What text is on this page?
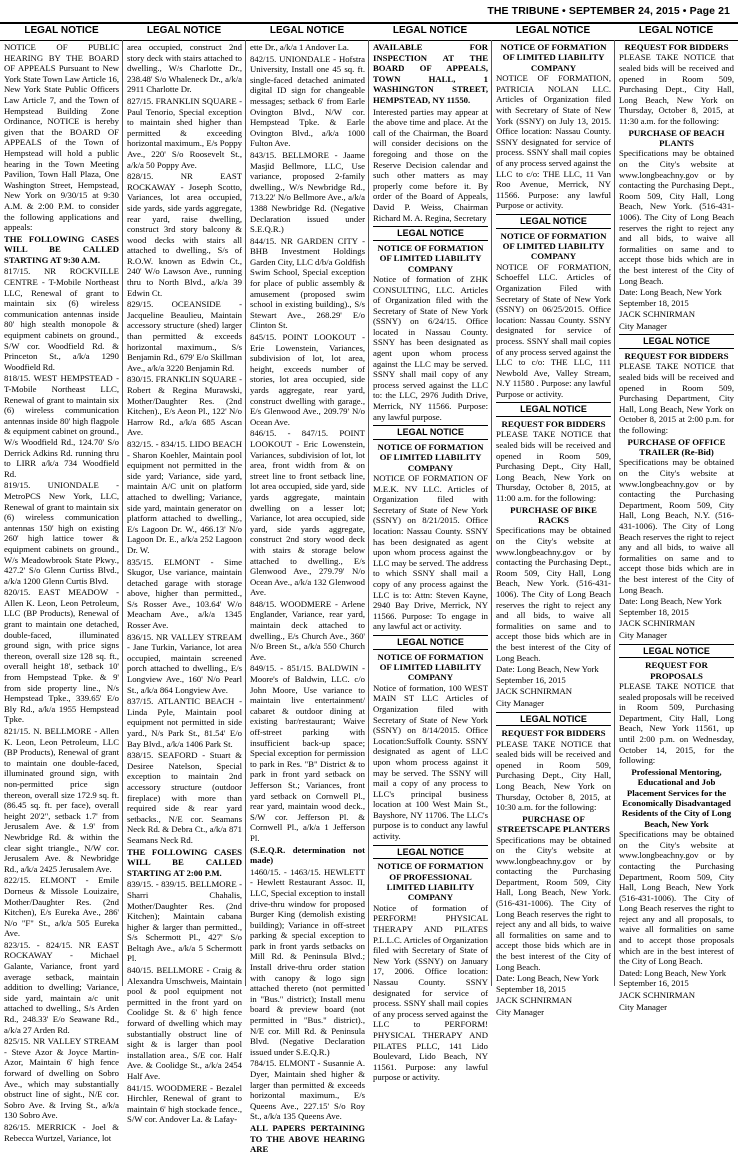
THE TRIBUNE • SEPTEMBER 24, 2015 • Page 21
LEGAL NOTICE	LEGAL NOTICE	LEGAL NOTICE	LEGAL NOTICE	LEGAL NOTICE	LEGAL NOTICE

NOTICE OF PUBLIC HEARING BY THE BOARD OF APPEALS Pursuant to New York State Town Law Article 16, New York State Public Officers Law Article 7, and the Town of Hempstead Building Zone Ordinance, NOTICE is hereby given that the BOARD OF APPEALS of the Town of Hempstead will hold a public hearing in the Town Meeting Pavilion, Town Hall Plaza, One Washington Street, Hempstead, New York on 9/30/15 at 9:30 A.M. & 2:00 P.M. to consider the following applications and appeals:

THE FOLLOWING CASES WILL BE CALLED STARTING AT 9:30 A.M.

817/15. NR ROCKVILLE CENTRE - T-Mobile Northeast LLC, Renewal of grant to maintain six (6) wireless communication antennas inside 80' high stealth monopole & equipment cabinets on ground., S/W cor. Woodfield Rd. & Princeton St., a/k/a 1290 Woodfield Rd.

818/15. WEST HEMPSTEAD - T-Mobile Northeast LLC, Renewal of grant to maintain six (6) wireless communication antennas inside 80' high flagpole & equipment cabinet on ground., W/s Woodfield Rd., 124.70' S/o Derrick Adkins Rd. running thru to LIRR a/k/a 734 Woodfield Rd.

819/15. UNIONDALE - MetroPCS New York, LLC, Renewal of grant to maintain six (6) wireless communication antennas 150' high on existing 260' high lattice tower & equipment cabinets on ground., W/s Meadowbrook State Pkwy., 427.2' S/o Glenn Curtiss Blvd., a/k/a 1200 Glenn Curtis Blvd.

820/15. EAST MEADOW - Allen K. Leon, Leon Petroleum, LLC (BP Products), Renewal of grant to maintain one detached, double-faced, illuminated ground sign, with price signs thereon, overall size 128 sq. ft., overall height 18', setback 10' from Hempstead Tpke. & 9' from side property line., N/s Hempstead Tpke., 339.65' E/o Bly Rd., a/k/a 1955 Hempstead Tpke.

821/15. N. BELLMORE - Allen K. Leon, Leon Petroleum, LLC (BP Products), Renewal of grant to maintain one double-faced, illuminated ground sign, with non-permitted price sign thereon, overall size 172.9 sq. ft. (86.45 sq. ft. per face), overall height 20'2", setback 1.7' from Jerusalem Ave. & 1.9' from Newbridge Rd. & within the clear sight triangle., N/W cor. Jerusalem Ave. & Newbridge Rd., a/k/a 2425 Jerusalem Ave.

822/15. ELMONT - Emile Dorneus & Missole Louizaire, Mother/Daughter Res. (2nd Kitchen), E/s Eureka Ave., 286' N/o "F" St., a/k/a 505 Eureka Ave.

823/15. - 824/15. NR EAST ROCKAWAY - Michael Galante, Variance, front yard average setback, maintain addition to dwelling; Variance, side yard, maintain a/c unit attached to dwelling., S/s Arden Rd., 248.33' E/o Seawane Rd., a/k/a 27 Arden Rd.

825/15. NR VALLEY STREAM - Steve Azor & Joyce Martin-Azor, Maintain 6' high fence forward of dwelling on Sobro Ave., which may substantially obstruct line of sight., N/E cor. Sobro Ave. & Irving St., a/k/a 130 Sobro Ave.

826/15. MERRICK - Joel & Rebecca Wurtzel, Variance, lot

area occupied, construct 2nd story deck with stairs attached to dwelling., W/s Charlotte Dr., 238.48' S/o Whaleneck Dr., a/k/a 2911 Charlotte Dr.

827/15. FRANKLIN SQUARE - Paul Tenorio, Special exception to maintain shed higher than permitted & exceeding horizontal maximum., E/s Poppy Ave., 220' S/o Roosevelt St., a/k/a 50 Poppy Ave.

828/15. NR EAST ROCKAWAY - Joseph Scotto, Variances, lot area occupied, side yards, side yards aggregate, rear yard, raise dwelling, construct 3rd story balcony & wood decks with stairs all attached to dwelling., S/s of R.O.W. known as Edwin Ct., 240' W/o Lawson Ave., running thru to North Blvd., a/k/a 39 Edwin Ct.

829/15. OCEANSIDE - Jacqueline Beaulieu, Maintain accessory structure (shed) larger than permitted & exceeds horizontal maximum., S/s Benjamin Rd., 679' E/o Skillman Ave., a/k/a 3220 Benjamin Rd.

830/15. FRANKLIN SQUARE - Robert & Regina Murawski, Mother/Daughter Res. (2nd Kitchen)., E/s Aeon Pl., 122' N/o Harrow Rd., a/k/a 685 Ascan Ave.

832/15. - 834/15. LIDO BEACH - Sharon Koehler, Maintain pool equipment not permitted in the side yard; Variance, side yard, maintain A/C unit on platform attached to dwelling; Variance, side yard, maintain generator on platform attached to dwelling., E/s Lagoon Dr. W., 466.13' N/o Lagoon Dr. E., a/k/a 252 Lagoon Dr. W.

835/15. ELMONT - Sime Skugor, Use variance, maintain detached garage with storage above, higher than permitted., S/s Rosser Ave., 103.64' W/o Meacham Ave., a/k/a 1345 Rosser Ave.

836/15. NR VALLEY STREAM - Jane Turkin, Variance, lot area occupied, maintain screened porch attached to dwelling., E/s Longview Ave., 160' N/o Pearl St., a/k/a 864 Longview Ave.

837/15. ATLANTIC BEACH - Linda Pyle, Maintain pool equipment not permitted in side yard., N/s Park St., 81.54' E/o Bay Blvd., a/k/a 1406 Park St.

838/15. SEAFORD - Stuart & Desiree Natelson, Special exception to maintain 2nd accessory structure (outdoor fireplace) with more than required side & rear yard setbacks., N/E cor. Seamans Neck Rd. & Debra Ct., a/k/a 871 Seamans Neck Rd.

THE FOLLOWING CASES WILL BE CALLED STARTING AT 2:00 P.M.

839/15. - 839/15. BELLMORE - Sharri Chahalis, Mother/Daughter Res. (2nd Kitchen); Maintain cabana higher & larger than permitted., S/s Schermott Pl., 427' S/o Beltagh Ave., a/k/a 5 Schermott Pl.

840/15. BELLMORE - Craig & Alexandra Umschweis, Maintain pool & pool equipment not permitted in the front yard on Coolidge St. & 6' high fence forward of dwelling which may substantially obstruct line of sight & is larger than pool installation area., S/E cor. Half Ave. & Coolidge St., a/k/a 2454 Half Ave.

841/15. WOODMERE - Bezalel Hirchler, Renewal of grant to maintain 6' high stockade fence., S/W cor. Andover La. & Lafay-

ette Dr., a/k/a 1 Andover La.

842/15. UNIONDALE - Hofstra University, Install one 45 sq. ft. single-faced detached animated digital ID sign for changeable messages; setback 6' from Earle Ovington Blvd., N/W cor. Hempstead Tpke. & Earle Ovington Blvd., a/k/a 1000 Fulton Ave.

843/15. BELLMORE - Jaame Masjid Bellmore, LLC, Use variance, proposed 2-family dwelling., W/s Newbridge Rd., 713.22' N/o Bellmore Ave., a/k/a 1388 Newbridge Rd. (Negative Declaration issued under S.E.Q.R.)

844/15. NR GARDEN CITY - BHB Investment Holdings Garden City, LLC d/b/a Goldfish Swim School, Special exception for place of public assembly & amusement (proposed swim school in existing building)., S/s Stewart Ave., 268.29' E/o Clinton St.

845/15. POINT LOOKOUT - Erie Lowenstein, Variances, subdivision of lot, lot area, height, exceeds number of stories, lot area occupied, side yards aggregate, rear yard, construct dwelling with garage., E/s Glenwood Ave., 209.79' N/o Ocean Ave.

846/15. - 847/15. POINT LOOKOUT - Eric Lowenstein, Variances, subdivision of lot, lot area, front width from & on street line to front setback line, lot area occupied, side yard, side yards aggregate, maintain dwelling on a lesser lot; Variance, lot area occupied, side yard, side yards aggregate, construct 2nd story wood deck with stairs & storage below attached to dwelling., E/s Glenwood Ave., 279.79' N/o Ocean Ave., a/k/a 132 Glenwood Ave.

848/15. WOODMERE - Arlene Englander, Variance, rear yard, maintain deck attached to dwelling., E/s Church Ave., 360' N/o Breen St., a/k/a 550 Church Ave.

849/15. - 851/15. BALDWIN - Moore's of Baldwin, LLC. c/o John Moore, Use variance to maintain live entertainment/ cabaret & outdoor dining at existing bar/restaurant; Waive off-street parking with insufficient back-up space; Special exception for permission to park in Res. "B" District & to park in front yard setback on Jefferson St.; Variances, front yard setback on Cornwell Pl., rear yard, maintain wood deck., S/W cor. Jefferson Pl. & Cornwell Pl., a/k/a 1 Jefferson Pl.

(S.E.Q.R. determination not made)

1460/15. - 1463/15. HEWLETT - Hewlett Restaurant Assoc. II, LLC, Special exception to install drive-thru window for proposed Burger King (demolish existing building); Variance in off-street parking & special exception to park in front yards setbacks on Mill Rd. & Peninsula Blvd.; Install drive-thru order station with canopy & logo sign attached thereto (not permitted in "Bus." district); Install menu board & preview board (not permitted in "Bus." district)., N/E cor. Mill Rd. & Peninsula Blvd. (Negative Declaration issued under S.E.Q.R.)

784/15. ELMONT - Susannie A. Dyer, Maintain shed higher & larger than permitted & exceeds horizontal maximum., E/s Queens Ave., 227.15' S/o Roy St., a/k/a 135 Queens Ave.

ALL PAPERS PERTAINING TO THE ABOVE HEARING ARE

AVAILABLE FOR INSPECTION AT THE BOARD OF APPEALS, TOWN HALL, 1 WASHINGTON STREET, HEMPSTEAD, NY 11550.

Interested parties may appear at the above time and place. At the call of the Chairman, the Board will consider decisions on the foregoing and those on the Reserve Decision calendar and such other matters as may properly come before it. By order of the Board of Appeals, David P. Weiss, Chairman Richard M. A. Regina, Secretary

LEGAL NOTICE
NOTICE OF FORMATION OF LIMITED LIABILITY COMPANY

Notice of formation of ZHK CONSULTING, LLC. Articles of Organization filed with the Secretary of State of New York (SSNY) on 6/24/15. Office located in Nassau County. SSNY has been designated as agent upon whom process against the LLC may be served. SSNY shall mail copy of any process served against the LLC to: the LLC, 2976 Judith Drive, Merrick, NY 11566. Purpose: any lawful purpose.

LEGAL NOTICE
NOTICE OF FORMATION OF LIMITED LIABILITY COMPANY

NOTICE OF FORMATION OF M.E.K. NV LLC. Articles of Organization filed with Secretary of State of New York (SSNY) on 8/21/2015. Office location: Nassau County. SSNY has been designated as agent upon whom process against the LLC may be served. The address to which SSNY shall mail a copy of any process against the LLC is to: Attn: Steven Kayne, 2940 Bay Drive, Merrick, NY 11566. Purpose: To engage in any lawful act or activity.

LEGAL NOTICE
NOTICE OF FORMATION OF LIMITED LIABILITY COMPANY

Notice of formation, 100 WEST MAIN ST LLC Articles of Organization filed with Secretary of State of New York (SSNY) on 8/14/2015. Office Location:Suffolk County. SSNY designated as agent of LLC upon whom process against it may be served. The SSNY will mail a copy of any process to LLC's principal business location at 100 West Main St., Bayshore, NY 11706. The LLC's purpose is to conduct any lawful activity.

LEGAL NOTICE
NOTICE OF FORMATION OF PROFESSIONAL LIMITED LIABILITY COMPANY

Notice of formation of PERFORM! PHYSICAL THERAPY AND PILATES P.L.L.C. Articles of Organization filed with Secretary of State of New York (SSNY) on January 17, 2006. Office location: Nassau County. SSNY designated for service of process. SSNY shall mail copies of any process served against the LLC to PERFORM! PHYSICAL THERAPY AND PILATES PLLC, 141 Lido Boulevard, Lido Beach, NY 11561. Purpose: any lawful purpose or activity.

NOTICE OF FORMATION OF LIMITED LIABILITY COMPANY

NOTICE OF FORMATION, PATRICIA NOLAN LLC. Articles of Organization filed with Secretary of State of New York (SSNY) on July 13, 2015. Office location: Nassau County. SSNY designated for service of process. SSNY shall mail copies of any process served against the LLC to c/o: THE LLC, 11 Van Roo Avenue, Merrick, NY 11566. Purpose: any lawful Purpose or activity.

LEGAL NOTICE
NOTICE OF FORMATION OF LIMITED LIABILITY COMPANY

NOTICE OF FORMATION, Schoeffel LLC. Articles of Organization Filed with Secretary of State of New York (SSNY) on 06/25/2015. Office location: Nassau County. SSNY designated for service of process. SSNY shall mail copies of any process served against the LLC to c/o: THE LLC, 111 Newbold Ave, Valley Stream, N.Y 11580 . Purpose: any lawful Purpose or activity.

LEGAL NOTICE
REQUEST FOR BIDDERS

PLEASE TAKE NOTICE that sealed bids will be received and opened in Room 509, Purchasing Dept., City Hall, Long Beach, New York on Thursday, October 8, 2015, at 11:00 a.m. for the following:

PURCHASE OF BIKE RACKS

Specifications may be obtained on the City's website at www.longbeachny.gov or by contacting the Purchasing Dept., Room 509, City Hall, Long Beach, New York. (516-431-1006). The City of Long Beach reserves the right to reject any and all bids, to waive all formalities on same and to accept those bids which are in the best interest of the City of Long Beach.

Date: Long Beach, New York September 16, 2015

JACK SCHNIRMAN

City Manager

LEGAL NOTICE
REQUEST FOR BIDDERS

PLEASE TAKE NOTICE that sealed bids will be received and opened in Room 509, Purchasing Dept., City Hall, Long Beach, New York on Thursday, October 8, 2015, at 10:30 a.m. for the following:

PURCHASE OF STREETSCAPE PLANTERS

Specifications may be obtained on the City's website at www.longbeachny.gov or by contacting the Purchasing Department, Room 509, City Hall, Long Beach, New York. (516-431-1006). The City of Long Beach reserves the right to reject any and all bids, to waive all formalities on same and to accept those bids which are in the best interest of the City of Long Beach.

Date: Long Beach, New York September 18, 2015

JACK SCHNIRMAN

City Manager

REQUEST FOR BIDDERS

PLEASE TAKE NOTICE that sealed bids will be received and opened in Room 509, Purchasing Dept., City Hall, Long Beach, New York on Thursday, October 8, 2015, at 11:30 a.m. for the following:

PURCHASE OF BEACH PLANTS

Specifications may be obtained on the City's website at www.longbeachny.gov or by contacting the Purchasing Dept., Room 509, City Hall, Long Beach, New York. (516-431-1006). The City of Long Beach reserves the right to reject any and all bids, to waive all formalities on same and to accept those bids which are in the best interest of the City of Long Beach.

Date: Long Beach, New York September 18, 2015

JACK SCHNIRMAN

City Manager

LEGAL NOTICE
REQUEST FOR BIDDERS

PLEASE TAKE NOTICE that sealed bids will be received and opened in Room 509, Purchasing Department, City Hall, Long Beach, New York on October 8, 2015 at 2:00 p.m. for the following:

PURCHASE OF OFFICE TRAILER (Re-Bid)

Specifications may be obtained on the City's website at www.longbeachny.gov or by contacting the Purchasing Department, Room 509, City Hall, Long Beach, N.Y. (516-431-1006). The City of Long Beach reserves the right to reject any and all bids, to waive all formalities on same and to accept those bids which are in the best interest of the City of Long Beach.

Date: Long Beach, New York September 18, 2015

JACK SCHNIRMAN

City Manager

LEGAL NOTICE
REQUEST FOR PROPOSALS

PLEASE TAKE NOTICE that sealed proposals will be received in Room 509, Purchasing Department, City Hall, Long Beach, New York 11561, up until 2:00 p.m. on Wednesday, October 14, 2015, for the following:

Professional Mentoring, Educational and Job Placement Services for the Economically Disadvantaged Residents of the City of Long Beach, New York

Specifications may be obtained on the City's website at www.longbeachny.gov or by contacting the Purchasing Department, Room 509, City Hall, Long Beach, New York (516-431-1006). The City of Long Beach reserves the right to reject any and all proposals, to waive all formalities on same and to accept those proposals which are in the best interest of the City of Long Beach.

Dated: Long Beach, New York September 16, 2015

JACK SCHNIRMAN

City Manager
